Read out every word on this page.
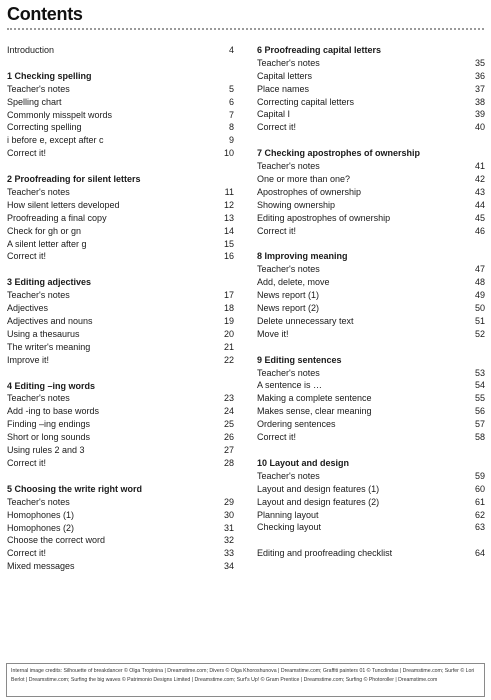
Contents
Introduction	4
1 Checking spelling
Teacher's notes	5
Spelling chart	6
Commonly misspelt words	7
Correcting spelling	8
i before e, except after c	9
Correct it!	10
2 Proofreading for silent letters
Teacher's notes	11
How silent letters developed	12
Proofreading a final copy	13
Check for gh or gn	14
A silent letter after g	15
Correct it!	16
3 Editing adjectives
Teacher's notes	17
Adjectives	18
Adjectives and nouns	19
Using a thesaurus	20
The writer's meaning	21
Improve it!	22
4 Editing –ing words
Teacher's notes	23
Add -ing to base words	24
Finding –ing endings	25
Short or long sounds	26
Using rules 2 and 3	27
Correct it!	28
5 Choosing the write right word
Teacher's notes	29
Homophones (1)	30
Homophones (2)	31
Choose the correct word	32
Correct it!	33
Mixed messages	34
6 Proofreading capital letters
Teacher's notes	35
Capital letters	36
Place names	37
Correcting capital letters	38
Capital I	39
Correct it!	40
7 Checking apostrophes of ownership
Teacher's notes	41
One or more than one?	42
Apostrophes of ownership	43
Showing ownership	44
Editing apostrophes of ownership	45
Correct it!	46
8 Improving meaning
Teacher's notes	47
Add, delete, move	48
News report (1)	49
News report (2)	50
Delete unnecessary text	51
Move it!	52
9 Editing sentences
Teacher's notes	53
A sentence is …	54
Making a complete sentence	55
Makes sense, clear meaning	56
Ordering sentences	57
Correct it!	58
10 Layout and design
Teacher's notes	59
Layout and design features (1)	60
Layout and design features (2)	61
Planning layout	62
Checking layout	63
Editing and proofreading checklist	64
Internal image credits: Silhouette of breakdancer © Olga Tropinina | Dreamstime.com; Divers © Olga Khoroshunova | Dreamstime.com; Graffiti painters 01 © Tuncdindas | Dreamstime.com; Surfer © Lori Berlot | Dreamstime.com; Surfing the big waves © Patrimonio Designs Limited | Dreamstime.com; Surf's Up! © Gram Prentice | Dreamstime.com; Surfing © Photoroller | Dreamstime.com
